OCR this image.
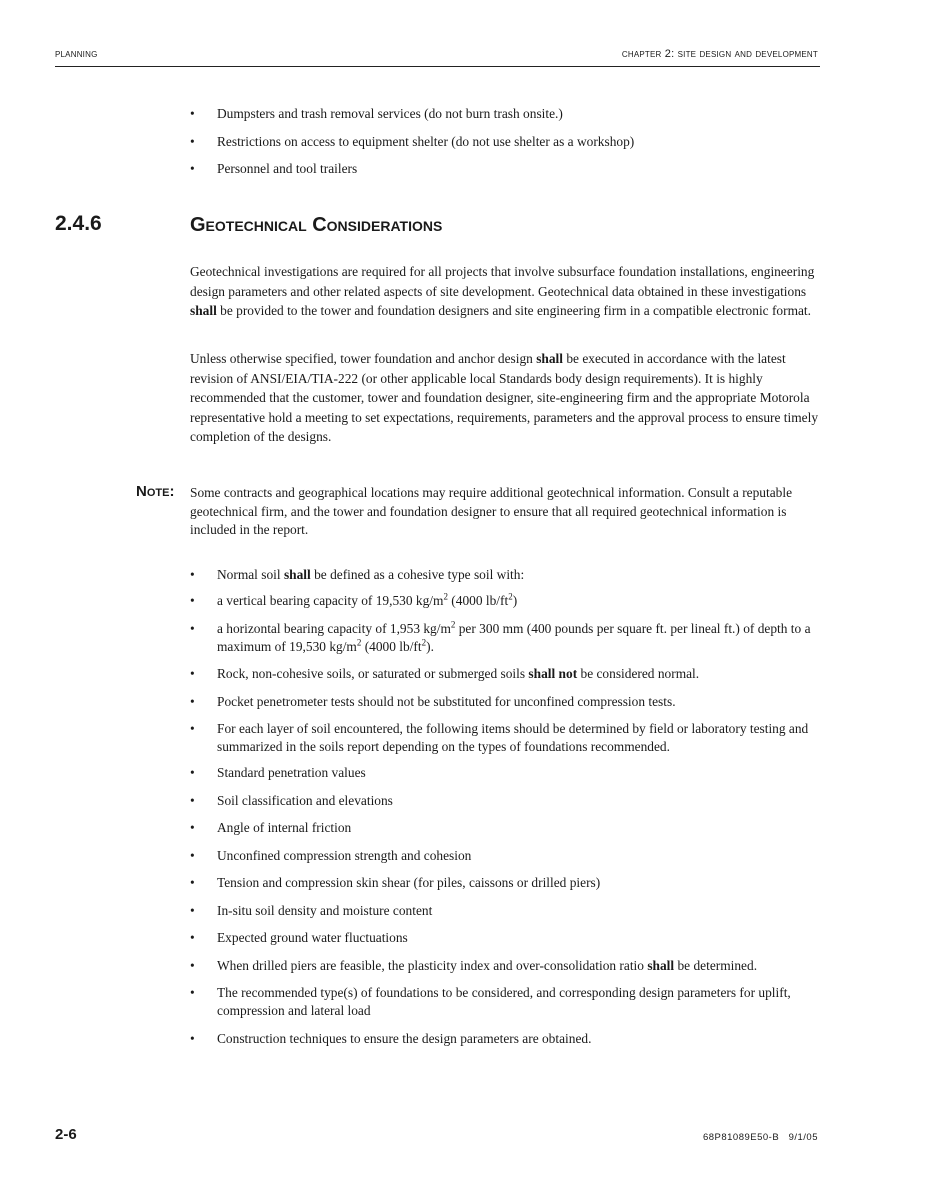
planning	chapter 2: site design and development
• Dumpsters and trash removal services (do not burn trash onsite.)
• Restrictions on access to equipment shelter (do not use shelter as a workshop)
• Personnel and tool trailers
2.4.6	Geotechnical Considerations

Geotechnical investigations are required for all projects that involve subsurface foundation installations, engineering design parameters and other related aspects of site development. Geotechnical data obtained in these investigations shall be provided to the tower and foundation designers and site engineering firm in a compatible electronic format.

Unless otherwise specified, tower foundation and anchor design shall be executed in accordance with the latest revision of ANSI/EIA/TIA-222 (or other applicable local Standards body design requirements). It is highly recommended that the customer, tower and foundation designer, site-engineering firm and the appropriate Motorola representative hold a meeting to set expectations, requirements, parameters and the approval process to ensure timely completion of the designs.

Note: Some contracts and geographical locations may require additional geotechnical information. Consult a reputable geotechnical firm, and the tower and foundation designer to ensure that all required geotechnical information is included in the report.

• Normal soil shall be defined as a cohesive type soil with:
• a vertical bearing capacity of 19,530 $kg/m^2$ (4000 $lb/ft^2$)
• a horizontal bearing capacity of 1,953 $kg/m^2$ per 300 mm (400 pounds per square ft. per lineal ft.) of depth to a maximum of 19,530 $kg/m^2$ (4000 $lb/ft^2$).
• Rock, non-cohesive soils, or saturated or submerged soils shall not be considered normal.
• Pocket penetrometer tests should not be substituted for unconfined compression tests.
• For each layer of soil encountered, the following items should be determined by field or laboratory testing and summarized in the soils report depending on the types of foundations recommended.
• Standard penetration values
• Soil classification and elevations
• Angle of internal friction
• Unconfined compression strength and cohesion
• Tension and compression skin shear (for piles, caissons or drilled piers)
• In-situ soil density and moisture content
• Expected ground water fluctuations
• When drilled piers are feasible, the plasticity index and over-consolidation ratio shall be determined.
• The recommended type(s) of foundations to be considered, and corresponding design parameters for uplift, compression and lateral load
• Construction techniques to ensure the design parameters are obtained.
2-6	68P81089E50-B   9/1/05
